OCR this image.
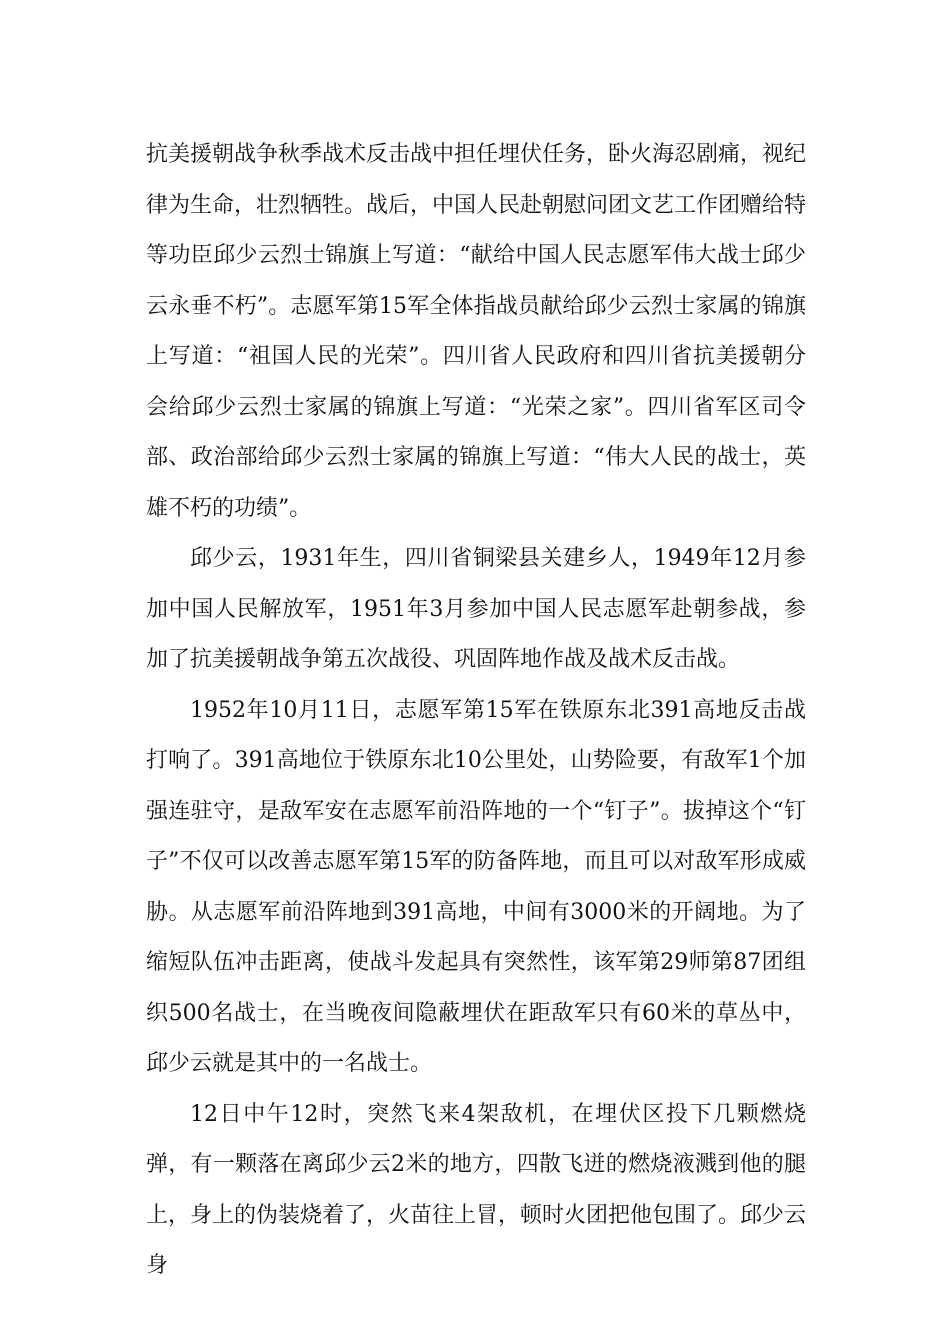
抗美援朝战争秋季战术反击战中担任埋伏任务，卧火海忍剧痛，视纪律为生命，壮烈牺牲。战后，中国人民赴朝慰问团文艺工作团赠给特等功臣邱少云烈士锦旗上写道：“献给中国人民志愿军伟大战士邱少云永垂不朽”。志愿军第15军全体指战员献给邱少云烈士家属的锦旗上写道：“祖国人民的光荣”。四川省人民政府和四川省抗美援朝分会给邱少云烈士家属的锦旗上写道：“光荣之家”。四川省军区司令部、政治部给邱少云烈士家属的锦旗上写道：“伟大人民的战士，英雄不朽的功绩”。

邱少云，1931年生，四川省铜梁县关建乡人，1949年12月参加中国人民解放军，1951年3月参加中国人民志愿军赴朝参战，参加了抗美援朝战争第五次战役、巩固阵地作战及战术反击战。

1952年10月11日，志愿军第15军在铁原东北391高地反击战打响了。391高地位于铁原东北10公里处，山势险要，有敌军1个加强连驻守，是敌军安在志愿军前沿阵地的一个“钉子”。拔掉这个“钉子”不仅可以改善志愿军第15军的防备阵地，而且可以对敌军形成威胁。从志愿军前沿阵地到391高地，中间有3000米的开阔地。为了缩短队伍冲击距离，使战斗发起具有突然性，该军第29师第87团组织500名战士，在当晚夜间隐蔽埋伏在距敌军只有60米的草丛中，邱少云就是其中的一名战士。

12日中午12时，突然飞来4架敌机，在埋伏区投下几颗燃烧弹，有一颗落在离邱少云2米的地方，四散飞迸的燃烧液溅到他的腿上，身上的伪装烧着了，火苗往上冒，顿时火团把他包围了。邱少云身
